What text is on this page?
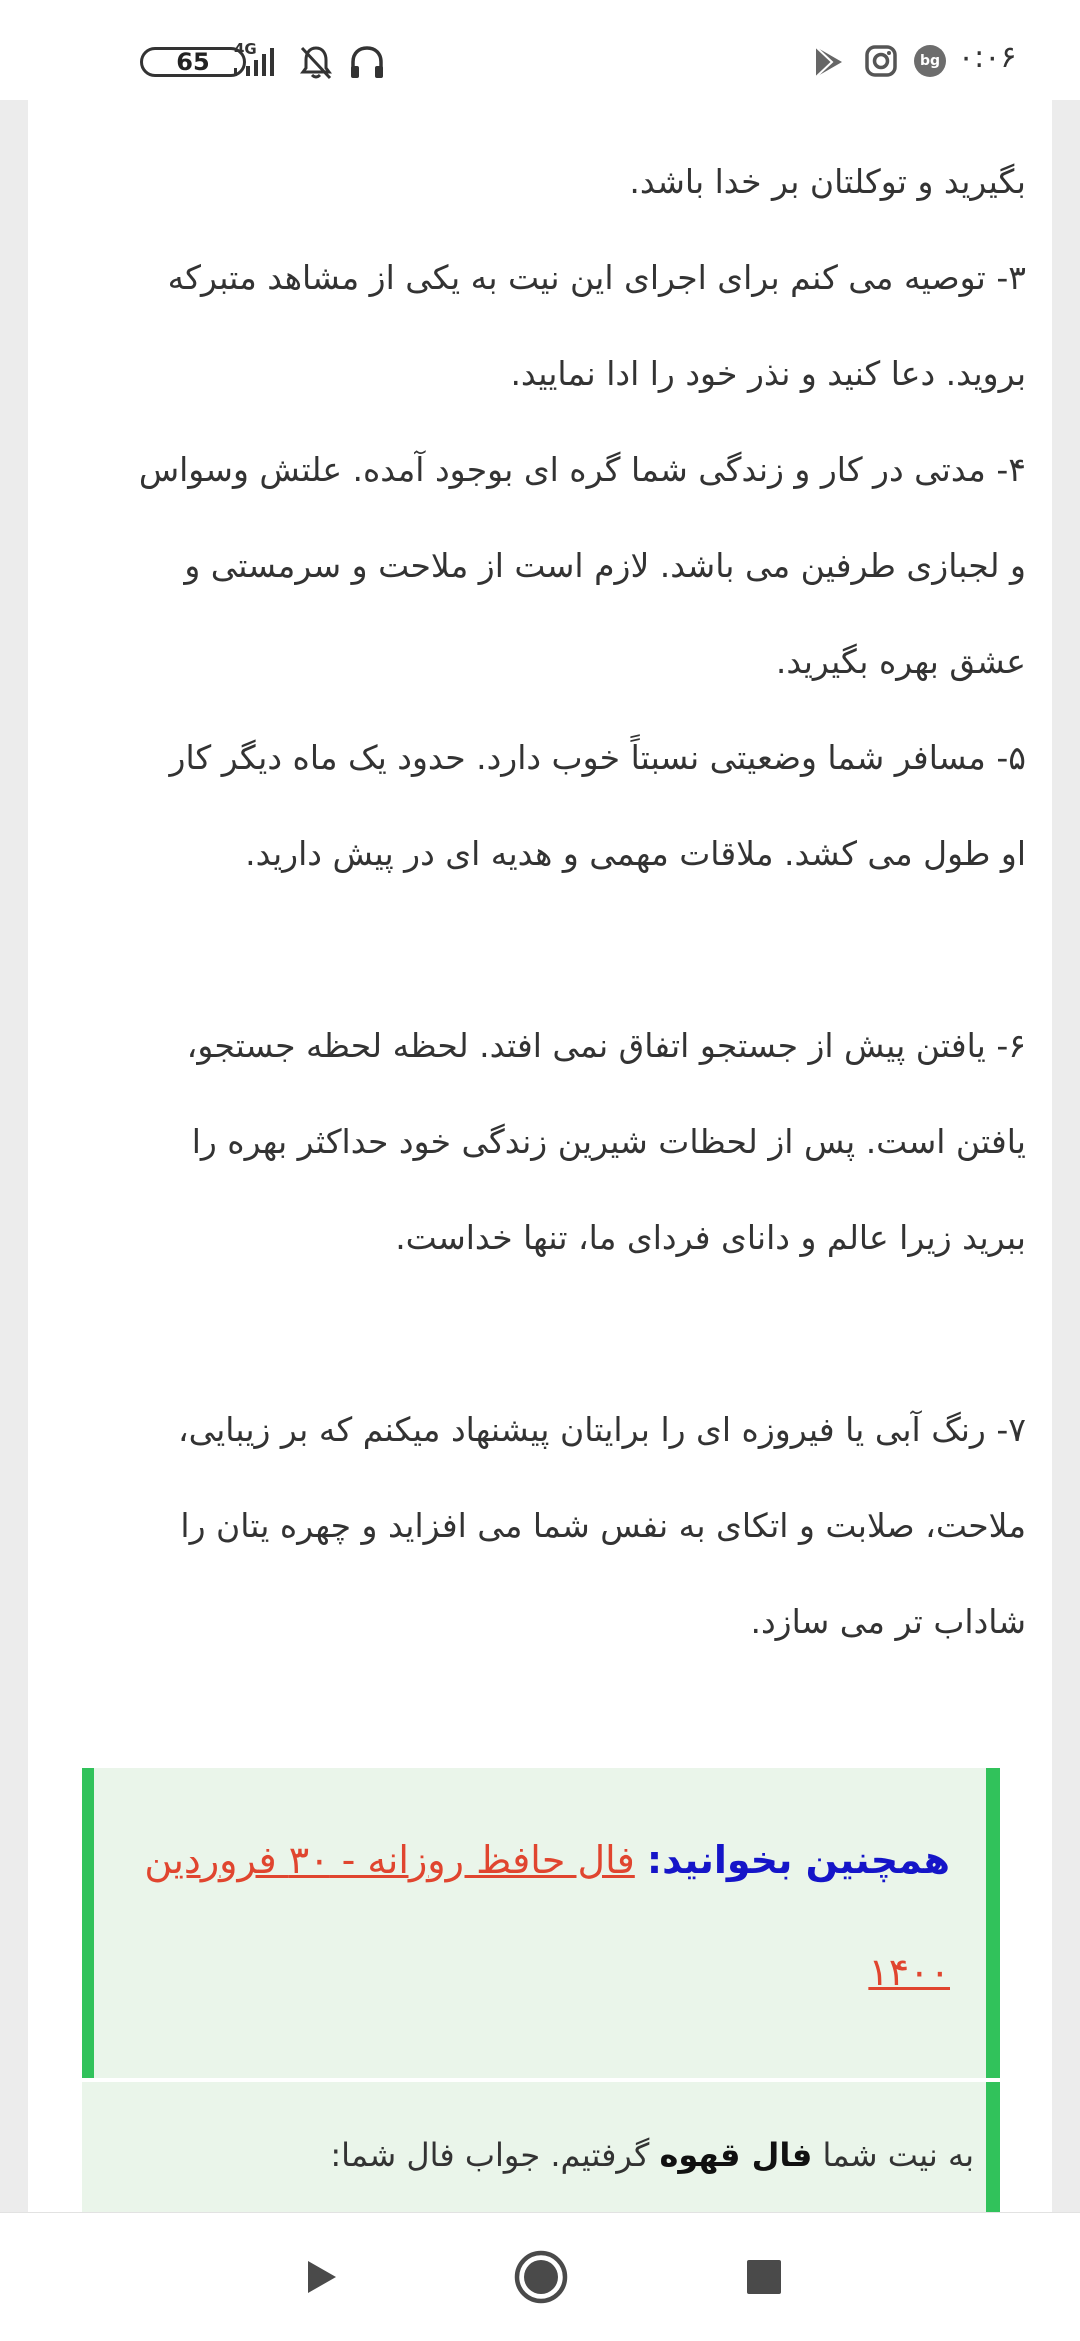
بگیرید و توکلتان بر خدا باشد.
۳- توصیه می کنم برای اجرای این نیت به یکی از مشاهد متبرکه بروید. دعا کنید و نذر خود را ادا نمایید.
۴- مدتی در کار و زندگی شما گره ای بوجود آمده. علتش وسواس و لجبازی طرفین می باشد. لازم است از ملاحت و سرمستی و عشق بهره بگیرید.
۵- مسافر شما وضعیتی نسبتاً خوب دارد. حدود یک ماه دیگر کار او طول می کشد. ملاقات مهمی و هدیه ای در پیش دارید.
۶- یافتن پیش از جستجو اتفاق نمی افتد. لحظه لحظه جستجو، یافتن است. پس از لحظات شیرین زندگی خود حداکثر بهره را ببرید زیرا عالم و دانای فردای ما، تنها خداست.
۷- رنگ آبی یا فیروزه ای را برایتان پیشنهاد میکنم که بر زیبایی، ملاحت، صلابت و اتکای به نفس شما می افزاید و چهره یتان را شاداب تر می سازد.
همچنین بخوانید: فال حافظ روزانه - ۳۰ فروردین ۱۴۰۰
به نیت شما فال قهوه گرفتیم. جواب فال شما:
65	4G
bg ۰:۰۶
